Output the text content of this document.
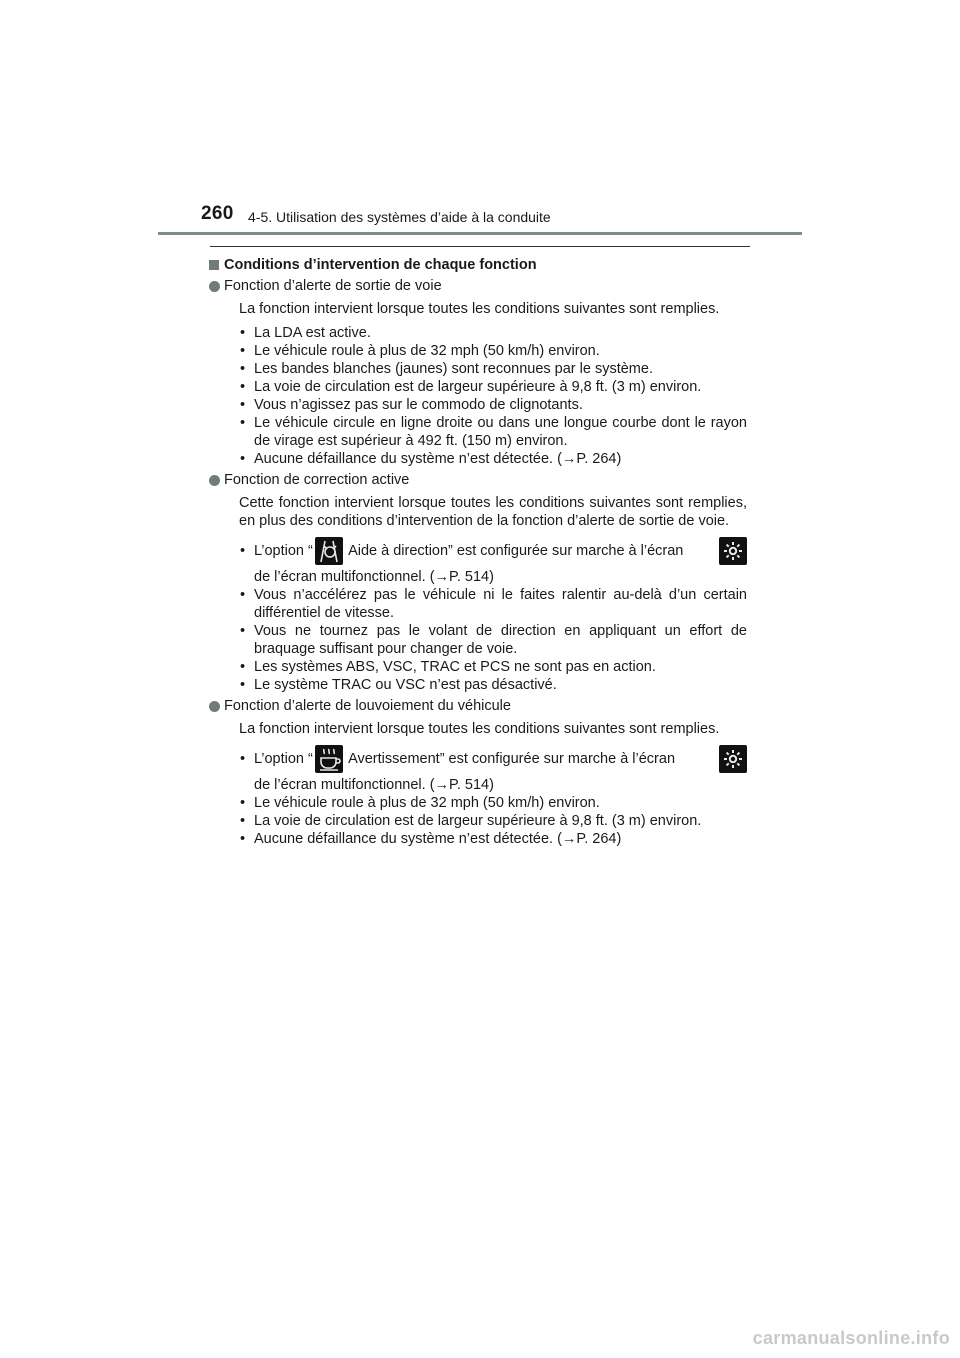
260 4-5. Utilisation des systèmes d’aide à la conduite
Conditions d’intervention de chaque fonction
Fonction d’alerte de sortie de voie
La fonction intervient lorsque toutes les conditions suivantes sont remplies.
• La LDA est active.
• Le véhicule roule à plus de 32 mph (50 km/h) environ.
• Les bandes blanches (jaunes) sont reconnues par le système.
• La voie de circulation est de largeur supérieure à 9,8 ft. (3 m) environ.
• Vous n’agissez pas sur le commodo de clignotants.
• Le véhicule circule en ligne droite ou dans une longue courbe dont le rayon de virage est supérieur à 492 ft. (150 m) environ.
• Aucune défaillance du système n’est détectée. (→P. 264)
Fonction de correction active
Cette fonction intervient lorsque toutes les conditions suivantes sont remplies, en plus des conditions d’intervention de la fonction d’alerte de sortie de voie.
• L’option “ Aide à direction” est configurée sur marche à l’écran
de l’écran multifonctionnel. (→P. 514)
• Vous n’accélérez pas le véhicule ni le faites ralentir au-delà d’un certain différentiel de vitesse.
• Vous ne tournez pas le volant de direction en appliquant un effort de braquage suffisant pour changer de voie.
• Les systèmes ABS, VSC, TRAC et PCS ne sont pas en action.
• Le système TRAC ou VSC n’est pas désactivé.
Fonction d’alerte de louvoiement du véhicule
La fonction intervient lorsque toutes les conditions suivantes sont remplies.
• L’option “ Avertissement” est configurée sur marche à l’écran
de l’écran multifonctionnel. (→P. 514)
• Le véhicule roule à plus de 32 mph (50 km/h) environ.
• La voie de circulation est de largeur supérieure à 9,8 ft. (3 m) environ.
• Aucune défaillance du système n’est détectée. (→P. 264)
carmanualsonline.info
